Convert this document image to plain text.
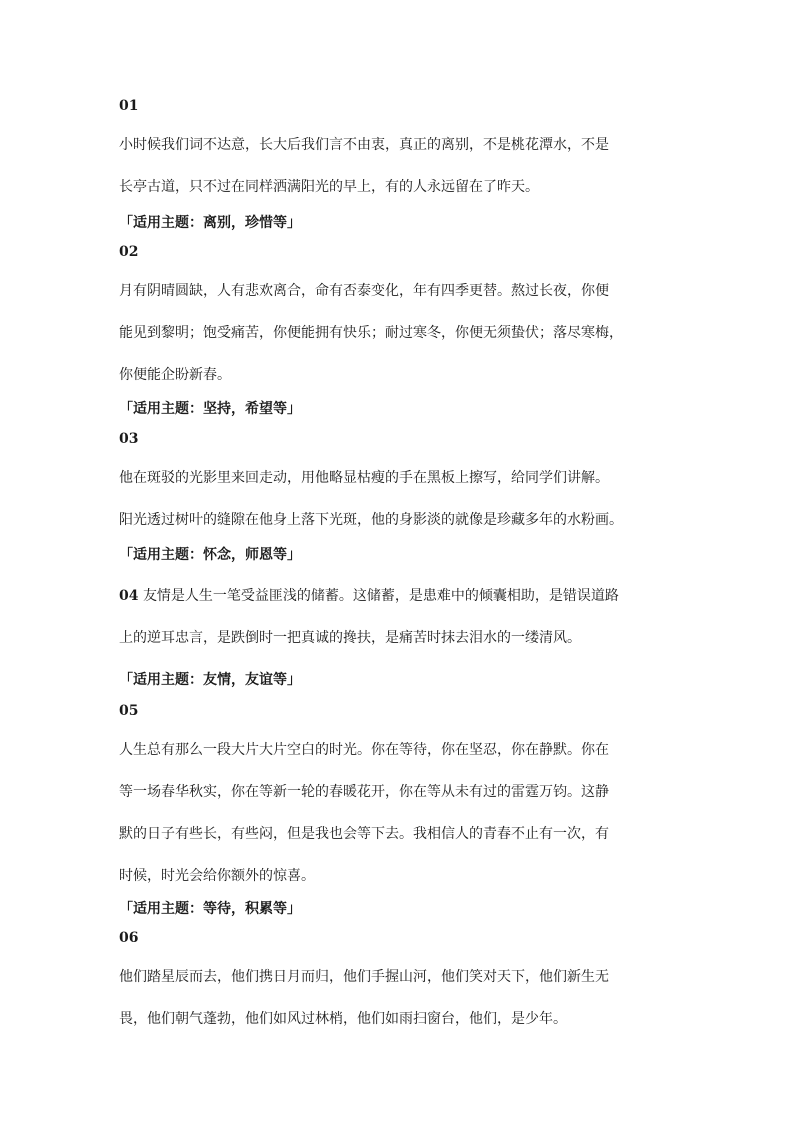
01

小时候我们词不达意，长大后我们言不由衷，真正的离别，不是桃花潭水，不是

长亭古道，只不过在同样洒满阳光的早上，有的人永远留在了昨天。

「适用主题：离别，珍惜等」

02

月有阴晴圆缺，人有悲欢离合，命有否泰变化，年有四季更替。熬过长夜，你便

能见到黎明；饱受痛苦，你便能拥有快乐；耐过寒冬，你便无须蛰伏；落尽寒梅，

你便能企盼新春。

「适用主题：坚持，希望等」

03

他在斑驳的光影里来回走动，用他略显枯瘦的手在黑板上擦写，给同学们讲解。

阳光透过树叶的缝隙在他身上落下光斑，他的身影淡的就像是珍藏多年的水粉画。

「适用主题：怀念，师恩等」

04 友情是人生一笔受益匪浅的储蓄。这储蓄，是患难中的倾囊相助，是错误道路

上的逆耳忠言，是跌倒时一把真诚的搀扶，是痛苦时抹去泪水的一缕清风。

「适用主题：友情，友谊等」

05

人生总有那么一段大片大片空白的时光。你在等待，你在坚忍，你在静默。你在

等一场春华秋实，你在等新一轮的春暖花开，你在等从未有过的雷霆万钧。这静

默的日子有些长，有些闷，但是我也会等下去。我相信人的青春不止有一次，有

时候，时光会给你额外的惊喜。

「适用主题：等待，积累等」

06

他们踏星辰而去，他们携日月而归，他们手握山河，他们笑对天下，他们新生无

畏，他们朝气蓬勃，他们如风过林梢，他们如雨扫窗台，他们，是少年。
